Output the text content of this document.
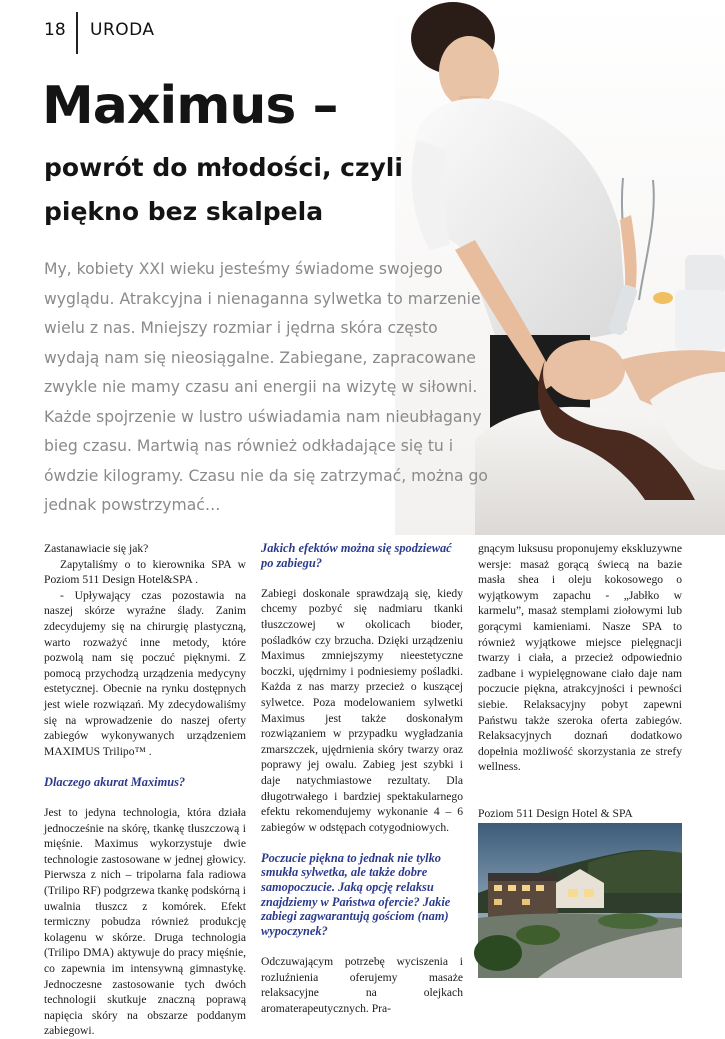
18 URODA
Maximus –
powrót do młodości, czyli piękno bez skalpela
My, kobiety XXI wieku jesteśmy świadome swojego wyglądu. Atrakcyjna i nienaganna sylwetka to marzenie wielu z nas. Mniejszy rozmiar i jędrna skóra często wydają nam się nieosiągalne. Zabiegane, zapracowane zwykle nie mamy czasu ani energii na wizytę w siłowni. Każde spojrzenie w lustro uświadamia nam nieubłagany bieg czasu. Martwią nas również odkładające się tu i ówdzie kilogramy. Czasu nie da się zatrzymać, można go jednak powstrzymać…

Zastanawiacie się jak?

Zapytaliśmy o to kierownika SPA w Poziom 511 Design Hotel&SPA .

- Upływający czas pozostawia na naszej skórze wyraźne ślady. Zanim zdecydujemy się na chirurgię plastyczną, warto rozważyć inne metody, które pozwolą nam się poczuć pięknymi. Z pomocą przychodzą urządzenia medycyny estetycznej. Obecnie na rynku dostępnych jest wiele rozwiązań. My zdecydowaliśmy się na wprowadzenie do naszej oferty zabiegów wykonywanych urządzeniem MAXIMUS Trilipo™ .

Dlaczego akurat Maximus?

Jest to jedyna technologia, która działa jednocześnie na skórę, tkankę tłuszczową i mięśnie. Maximus wykorzystuje dwie technologie zastosowane w jednej głowicy. Pierwsza z nich – tripolarna fala radiowa (Trilipo RF) podgrzewa tkankę podskórną i uwalnia tłuszcz z komórek. Efekt termiczny pobudza również produkcję kolagenu w skórze. Druga technologia (Trilipo DMA) aktywuje do pracy mięśnie, co zapewnia im intensywną gimnastykę. Jednoczesne zastosowanie tych dwóch technologii skutkuje znaczną poprawą napięcia skóry na obszarze poddanym zabiegowi.

Jakich efektów można się spodziewać po zabiegu?

Zabiegi doskonale sprawdzają się, kiedy chcemy pozbyć się nadmiaru tkanki tłuszczowej w okolicach bioder, pośladków czy brzucha. Dzięki urządzeniu Maximus zmniejszymy nieestetyczne boczki, ujędrnimy i podniesiemy pośladki. Każda z nas marzy przecież o kuszącej sylwetce. Poza modelowaniem sylwetki Maximus jest także doskonałym rozwiązaniem w przypadku wygładzania zmarszczek, ujędrnienia skóry twarzy oraz poprawy jej owalu. Zabieg jest szybki i daje natychmiastowe rezultaty. Dla długotrwałego i bardziej spektakularnego efektu rekomendujemy wykonanie 4 – 6 zabiegów w odstępach cotygodniowych.

Poczucie piękna to jednak nie tylko smukła sylwetka, ale także dobre samopoczucie. Jaką opcję relaksu znajdziemy w Państwa ofercie? Jakie zabiegi zagwarantują gościom (nam) wypoczynek?

Odczuwającym potrzebę wyciszenia i rozluźnienia oferujemy masaże relaksacyjne na olejkach aromaterapeutycznych. Pra-

gnącym luksusu proponujemy ekskluzywne wersje: masaż gorącą świecą na bazie masła shea i oleju kokosowego o wyjątkowym zapachu - „Jabłko w karmelu”, masaż stemplami ziołowymi lub gorącymi kamieniami. Nasze SPA to również wyjątkowe miejsce pielęgnacji twarzy i ciała, a przecież odpowiednio zadbane i wypielęgnowane ciało daje nam poczucie piękna, atrakcyjności i pewności siebie. Relaksacyjny pobyt zapewni Państwu także szeroka oferta zabiegów. Relaksacyjnych doznań dodatkowo dopełnia możliwość skorzystania ze strefy wellness.

Poziom 511 Design Hotel & SPA
